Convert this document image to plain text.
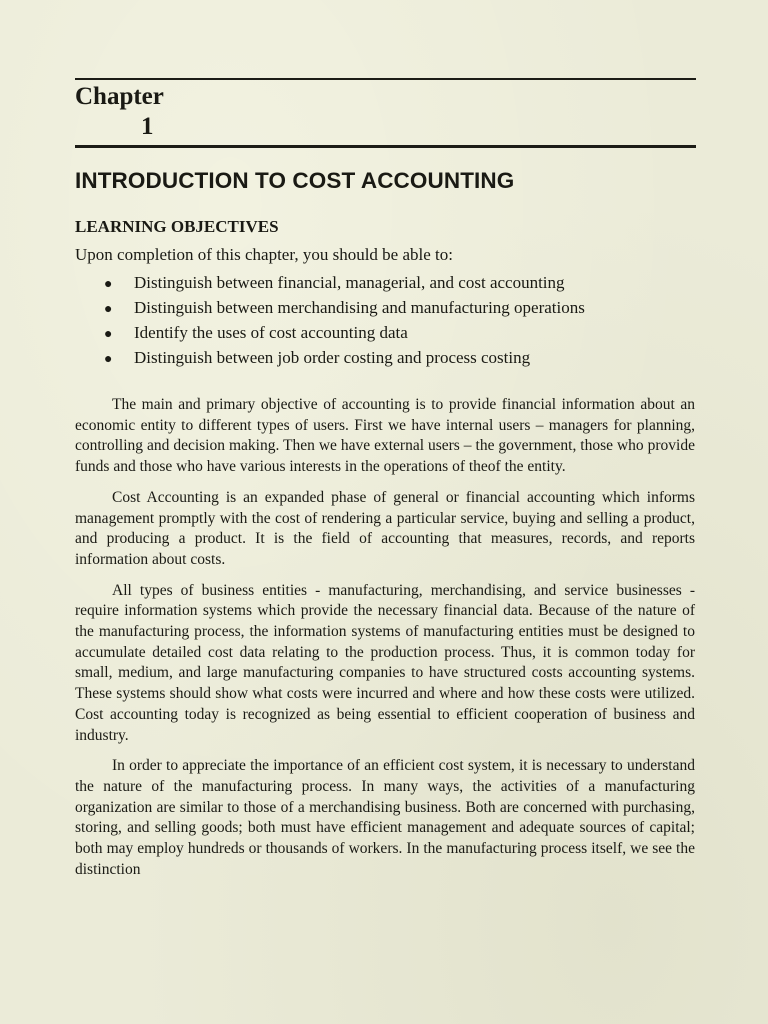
Chapter
1
INTRODUCTION TO COST ACCOUNTING
LEARNING OBJECTIVES
Upon completion of this chapter, you should be able to:
● Distinguish between financial, managerial, and cost accounting
● Distinguish between merchandising and manufacturing operations
● Identify the uses of cost accounting data
● Distinguish between job order costing and process costing

The main and primary objective of accounting is to provide financial information about an economic entity to different types of users. First we have internal users – managers for planning, controlling and decision making. Then we have external users – the government, those who provide funds and those who have various interests in the operations of theof the entity.

Cost Accounting is an expanded phase of general or financial accounting which informs management promptly with the cost of rendering a particular service, buying and selling a product, and producing a product. It is the field of accounting that measures, records, and reports information about costs.

All types of business entities - manufacturing, merchandising, and service businesses - require information systems which provide the necessary financial data. Because of the nature of the manufacturing process, the information systems of manufacturing entities must be designed to accumulate detailed cost data relating to the production process. Thus, it is common today for small, medium, and large manufacturing companies to have structured costs accounting systems. These systems should show what costs were incurred and where and how these costs were utilized. Cost accounting today is recognized as being essential to efficient cooperation of business and industry.

In order to appreciate the importance of an efficient cost system, it is necessary to understand the nature of the manufacturing process. In many ways, the activities of a manufacturing organization are similar to those of a merchandising business. Both are concerned with purchasing, storing, and selling goods; both must have efficient management and adequate sources of capital; both may employ hundreds or thousands of workers. In the manufacturing process itself, we see the distinction
